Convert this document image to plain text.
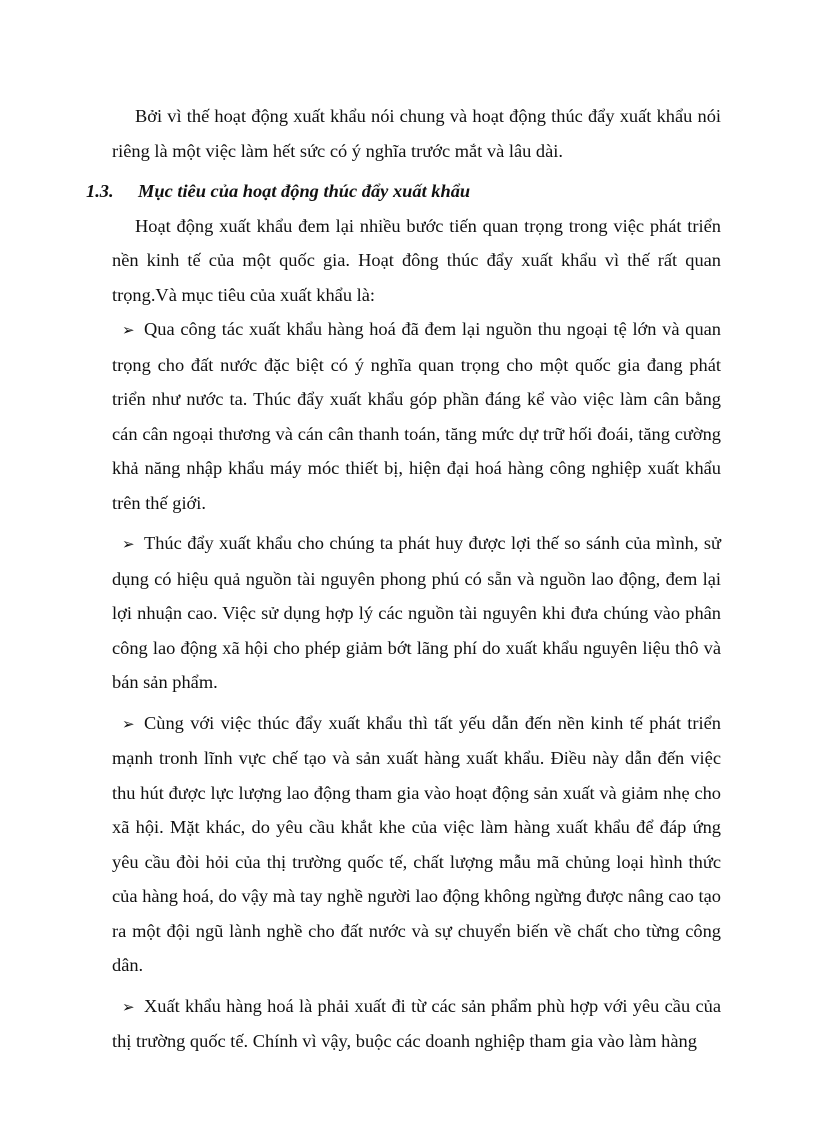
Bởi vì thế hoạt động xuất khẩu nói chung và hoạt động thúc đẩy xuất khẩu nói riêng là một việc làm hết sức có ý nghĩa trước mắt và lâu dài.

1.3. Mục tiêu của hoạt động thúc đẩy xuất khẩu

Hoạt động xuất khẩu đem lại nhiều bước tiến quan trọng trong việc phát triển nền kinh tế của một quốc gia. Hoạt đông thúc đẩy xuất khẩu vì thế rất quan trọng.Và mục tiêu của xuất khẩu là:

➢ Qua công tác xuất khẩu hàng hoá đã đem lại nguồn thu ngoại tệ lớn và quan trọng cho đất nước đặc biệt có ý nghĩa quan trọng cho một quốc gia đang phát triển như nước ta. Thúc đẩy xuất khẩu góp phần đáng kể vào việc làm cân bằng cán cân ngoại thương và cán cân thanh toán, tăng mức dự trữ hối đoái, tăng cường khả năng nhập khẩu máy móc thiết bị, hiện đại hoá hàng công nghiệp xuất khẩu trên thế giới.

➢ Thúc đẩy xuất khẩu cho chúng ta phát huy được lợi thế so sánh của mình, sử dụng có hiệu quả nguồn tài nguyên phong phú có sẵn và nguồn lao động, đem lại lợi nhuận cao. Việc sử dụng hợp lý các nguồn tài nguyên khi đưa chúng vào phân công lao động xã hội cho phép giảm bớt lãng phí do xuất khẩu nguyên liệu thô và bán sản phẩm.

➢ Cùng với việc thúc đẩy xuất khẩu thì tất yếu dẫn đến nền kinh tế phát triển mạnh tronh lĩnh vực chế tạo và sản xuất hàng xuất khẩu. Điều này dẫn đến việc thu hút được lực lượng lao động tham gia vào hoạt động sản xuất và giảm nhẹ cho xã hội. Mặt khác, do yêu cầu khắt khe của việc làm hàng xuất khẩu để đáp ứng yêu cầu đòi hỏi của thị trường quốc tế, chất lượng mẫu mã chủng loại hình thức của hàng hoá, do vậy mà tay nghề người lao động không ngừng được nâng cao tạo ra một đội ngũ lành nghề cho đất nước và sự chuyển biến về chất cho từng công dân.

➢ Xuất khẩu hàng hoá là phải xuất đi từ các sản phẩm phù hợp với yêu cầu của thị trường quốc tế. Chính vì vậy, buộc các doanh nghiệp tham gia vào làm hàng
